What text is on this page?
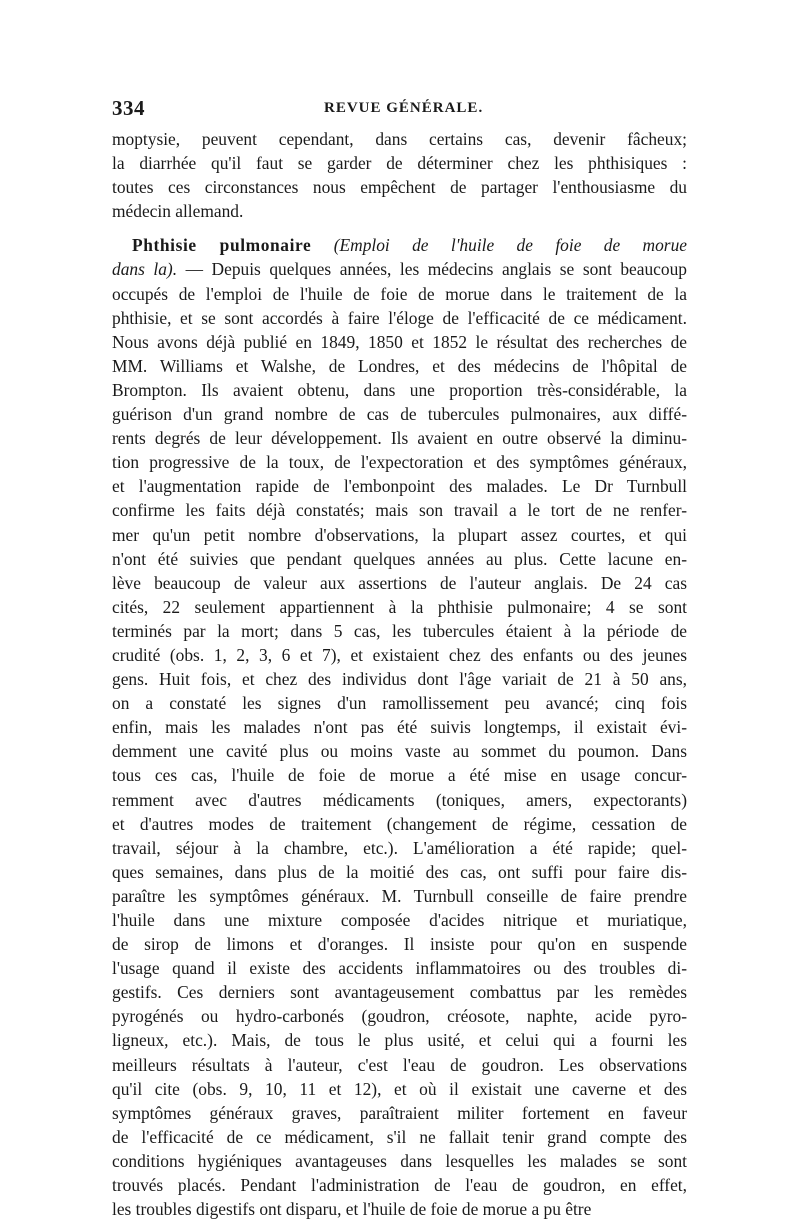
334	REVUE GÉNÉRALE.
moptysie, peuvent cependant, dans certains cas, devenir fâcheux;
la diarrhée qu'il faut se garder de déterminer chez les phthisiques :
toutes ces circonstances nous empêchent de partager l'enthousiasme du
médecin allemand.
Phthisie pulmonaire (Emploi de l'huile de foie de morue
dans la). — Depuis quelques années, les médecins anglais se sont beaucoup
occupés de l'emploi de l'huile de foie de morue dans le traitement de la
phthisie, et se sont accordés à faire l'éloge de l'efficacité de ce médicament.
Nous avons déjà publié en 1849, 1850 et 1852 le résultat des recherches de
MM. Williams et Walshe, de Londres, et des médecins de l'hôpital de
Brompton. Ils avaient obtenu, dans une proportion très-considérable, la
guérison d'un grand nombre de cas de tubercules pulmonaires, aux diffé-
rents degrés de leur développement. Ils avaient en outre observé la diminu-
tion progressive de la toux, de l'expectoration et des symptômes généraux,
et l'augmentation rapide de l'embonpoint des malades. Le Dr Turnbull
confirme les faits déjà constatés; mais son travail a le tort de ne renfer-
mer qu'un petit nombre d'observations, la plupart assez courtes, et qui
n'ont été suivies que pendant quelques années au plus. Cette lacune en-
lève beaucoup de valeur aux assertions de l'auteur anglais. De 24 cas
cités, 22 seulement appartiennent à la phthisie pulmonaire; 4 se sont
terminés par la mort; dans 5 cas, les tubercules étaient à la période de
crudité (obs. 1, 2, 3, 6 et 7), et existaient chez des enfants ou des jeunes
gens. Huit fois, et chez des individus dont l'âge variait de 21 à 50 ans,
on a constaté les signes d'un ramollissement peu avancé; cinq fois
enfin, mais les malades n'ont pas été suivis longtemps, il existait évi-
demment une cavité plus ou moins vaste au sommet du poumon. Dans
tous ces cas, l'huile de foie de morue a été mise en usage concur-
remment avec d'autres médicaments (toniques, amers, expectorants)
et d'autres modes de traitement (changement de régime, cessation de
travail, séjour à la chambre, etc.). L'amélioration a été rapide; quel-
ques semaines, dans plus de la moitié des cas, ont suffi pour faire dis-
paraître les symptômes généraux. M. Turnbull conseille de faire prendre
l'huile dans une mixture composée d'acides nitrique et muriatique,
de sirop de limons et d'oranges. Il insiste pour qu'on en suspende
l'usage quand il existe des accidents inflammatoires ou des troubles di-
gestifs. Ces derniers sont avantageusement combattus par les remèdes
pyrogénés ou hydro-carbonés (goudron, créosote, naphte, acide pyro-
ligneux, etc.). Mais, de tous le plus usité, et celui qui a fourni les
meilleurs résultats à l'auteur, c'est l'eau de goudron. Les observations
qu'il cite (obs. 9, 10, 11 et 12), et où il existait une caverne et des
symptômes généraux graves, paraîtraient militer fortement en faveur
de l'efficacité de ce médicament, s'il ne fallait tenir grand compte des
conditions hygiéniques avantageuses dans lesquelles les malades se sont
trouvés placés. Pendant l'administration de l'eau de goudron, en effet,
les troubles digestifs ont disparu, et l'huile de foie de morue a pu être
